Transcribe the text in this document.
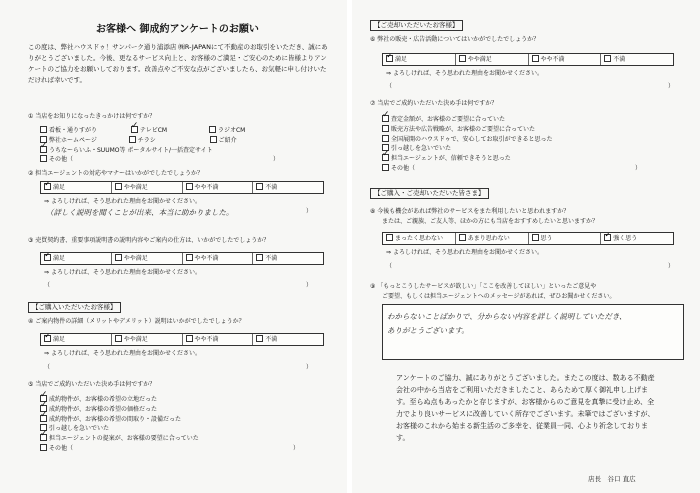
お客様へ 御成約アンケートのお願い
この度は、弊社ハウスドゥ！サンパーク通り浦添店 ㈱R-JAPANにて不動産のお取引をいただき、誠にありがとうございました。今後、更なるサービス向上と、お客様のご満足・ご安心のために皆様よりアンケートのご協力をお願いしております。改善点やご不安な点がございましたら、お気軽に申し付けいただければ幸いです。
① 当店をお知りになったきっかけは何ですか？
看板・通りすがり ✓	テレビCM	ラジオCM
弊社ホームページ	チラシ	ご紹介
✓うちなーらいふ・SUUMO等 ポータルサイト/一括査定サイト
その他（	）
② 担当エージェントの対応やマナーはいかがでしたでしょうか？
✓満足	やや満足	やや不満	不満
⇒ よろしければ、そう思われた理由をお聞かせください。
（詳しく説明を聞くことが出来、本当に助かりました。	）
③ 売買契約書、重要事項説明書の説明内容やご案内の仕方は、いかがでしたでしょうか？
✓満足	やや満足	やや不満	不満
⇒ よろしければ、そう思われた理由をお聞かせください。
（	）
【ご購入いただいたお客様】
④ ご案内物件の詳細（メリットやデメリット）説明はいかがでしたでしょうか？
✓満足	やや満足	やや不満	不満
⇒ よろしければ、そう思われた理由をお聞かせください。
（	）
⑤ 当店でご成約いただいた決め手は何ですか？
✓成約物件が、お客様の希望の立地だった
✓成約物件が、お客様の希望の価格だった
✓成約物件が、お客様の希望の間取り・設備だった
引っ越しを急いでいた
✓担当エージェントの提案が、お客様の要望に合っていた
その他（	）
【ご売却いただいたお客様】
⑥ 弊社の販売・広告活動についてはいかがでしたでしょうか？
✓満足	やや満足	やや不満	不満
⇒ よろしければ、そう思われた理由をお聞かせください。
（	）
⑦ 当店でご成約いただいた決め手は何ですか？
✓査定金額が、お客様のご要望に合っていた
販売方法や広告戦略が、お客様のご要望に合っていた
全国展開のハウスドゥで、安心してお取引ができると思った
引っ越しを急いでいた
✓担当エージェントが、信頼できそうと思った
その他（	）
【ご購入・ご売却いただいた皆さま】
⑧ 今後も機会があれば弊社のサービスをまた利用したいと思われますか？
または、ご親族、ご友人等、ほかの方にも当店をおすすめしたいと思いますか？
まったく思わない	あまり思わない	思う ✓	強く思う
⇒ よろしければ、そう思われた理由をお聞かせください。
（	）
⑨ 「もっとこうしたサービスが欲しい」「ここを改善してほしい」といったご意見や
ご要望、もしくは担当エージェントへのメッセージがあれば、ぜひお聞かせください。
わからないことばかりで、分からない内容を詳しく説明していただき、
ありがとうございます。
アンケートのご協力、誠にありがとうございました。またこの度は、数ある不動産会社の中から当店をご利用いただきましたこと、あらためて厚く御礼申し上げます。至らぬ点もあったかと存じますが、お客様からのご意見を真摯に受け止め、全力でより良いサービスに改善していく所存でございます。未筆ではございますが、お客様のこれから始まる新生活のご多幸を、従業員一同、心より祈念しております。
店長　谷口 直広
